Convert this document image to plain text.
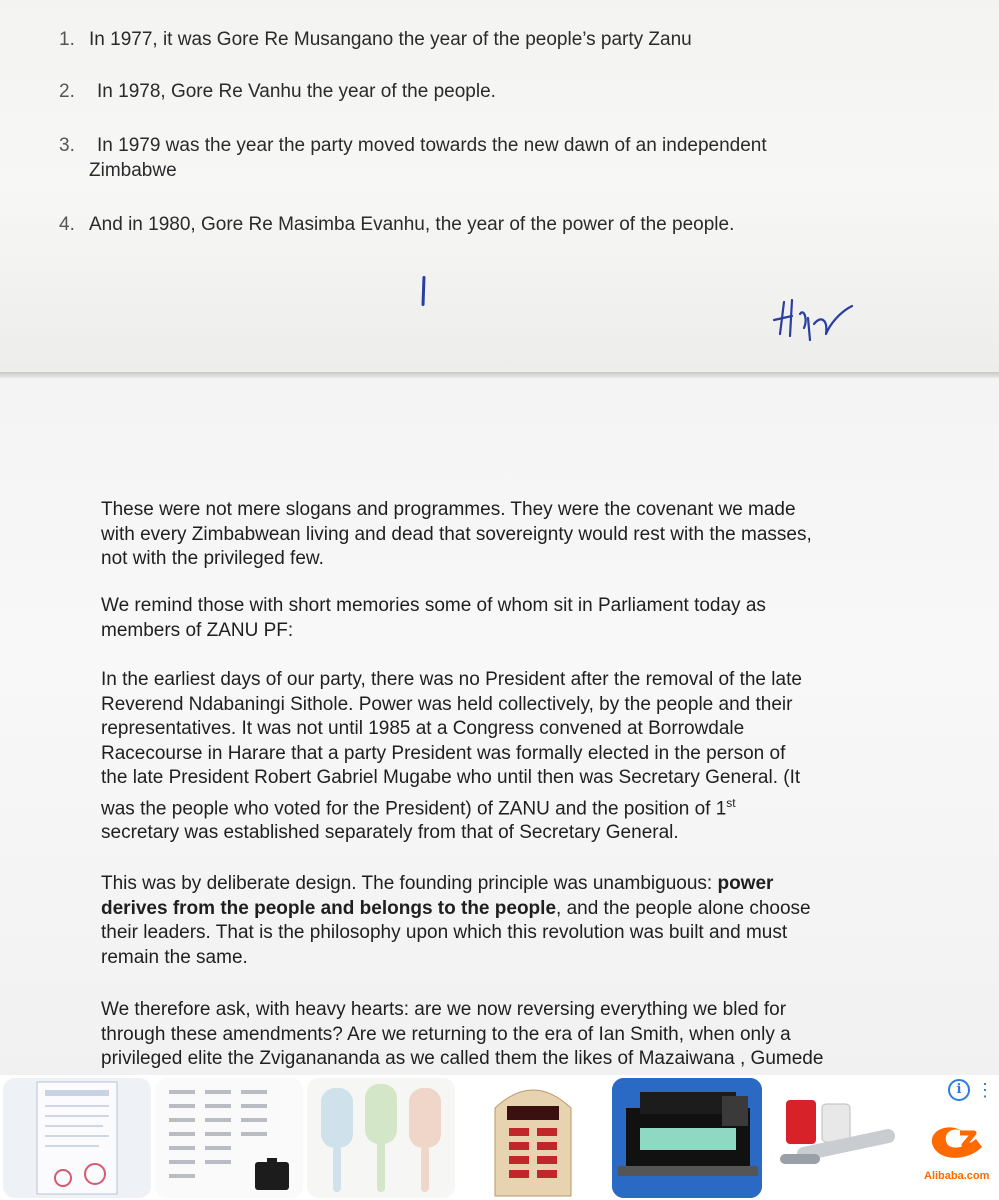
1. In 1977, it was Gore Re Musangano the year of the people’s party Zanu
2. In 1978, Gore Re Vanhu the year of the people.
3. In 1979 was the year the party moved towards the new dawn of an independent
Zimbabwe
4. And in 1980, Gore Re Masimba Evanhu, the year of the power of the people.
These were not mere slogans and programmes. They were the covenant we made
with every Zimbabwean living and dead that sovereignty would rest with the masses,
not with the privileged few.
We remind those with short memories some of whom sit in Parliament today as
members of ZANU PF:
In the earliest days of our party, there was no President after the removal of the late
Reverend Ndabaningi Sithole. Power was held collectively, by the people and their
representatives. It was not until 1985 at a Congress convened at Borrowdale
Racecourse in Harare that a party President was formally elected in the person of
the late President Robert Gabriel Mugabe who until then was Secretary General. (It
was the people who voted for the President) of ZANU and the position of 1st
secretary was established separately from that of Secretary General.
This was by deliberate design. The founding principle was unambiguous: power
derives from the people and belongs to the people, and the people alone choose
their leaders. That is the philosophy upon which this revolution was built and must
remain the same.
We therefore ask, with heavy hearts: are we now reversing everything we bled for
through these amendments? Are we returning to the era of Ian Smith, when only a
privileged elite the Zviganananda as we called them the likes of Mazaiwana , Gumede
i ⋮
Alibaba.com
